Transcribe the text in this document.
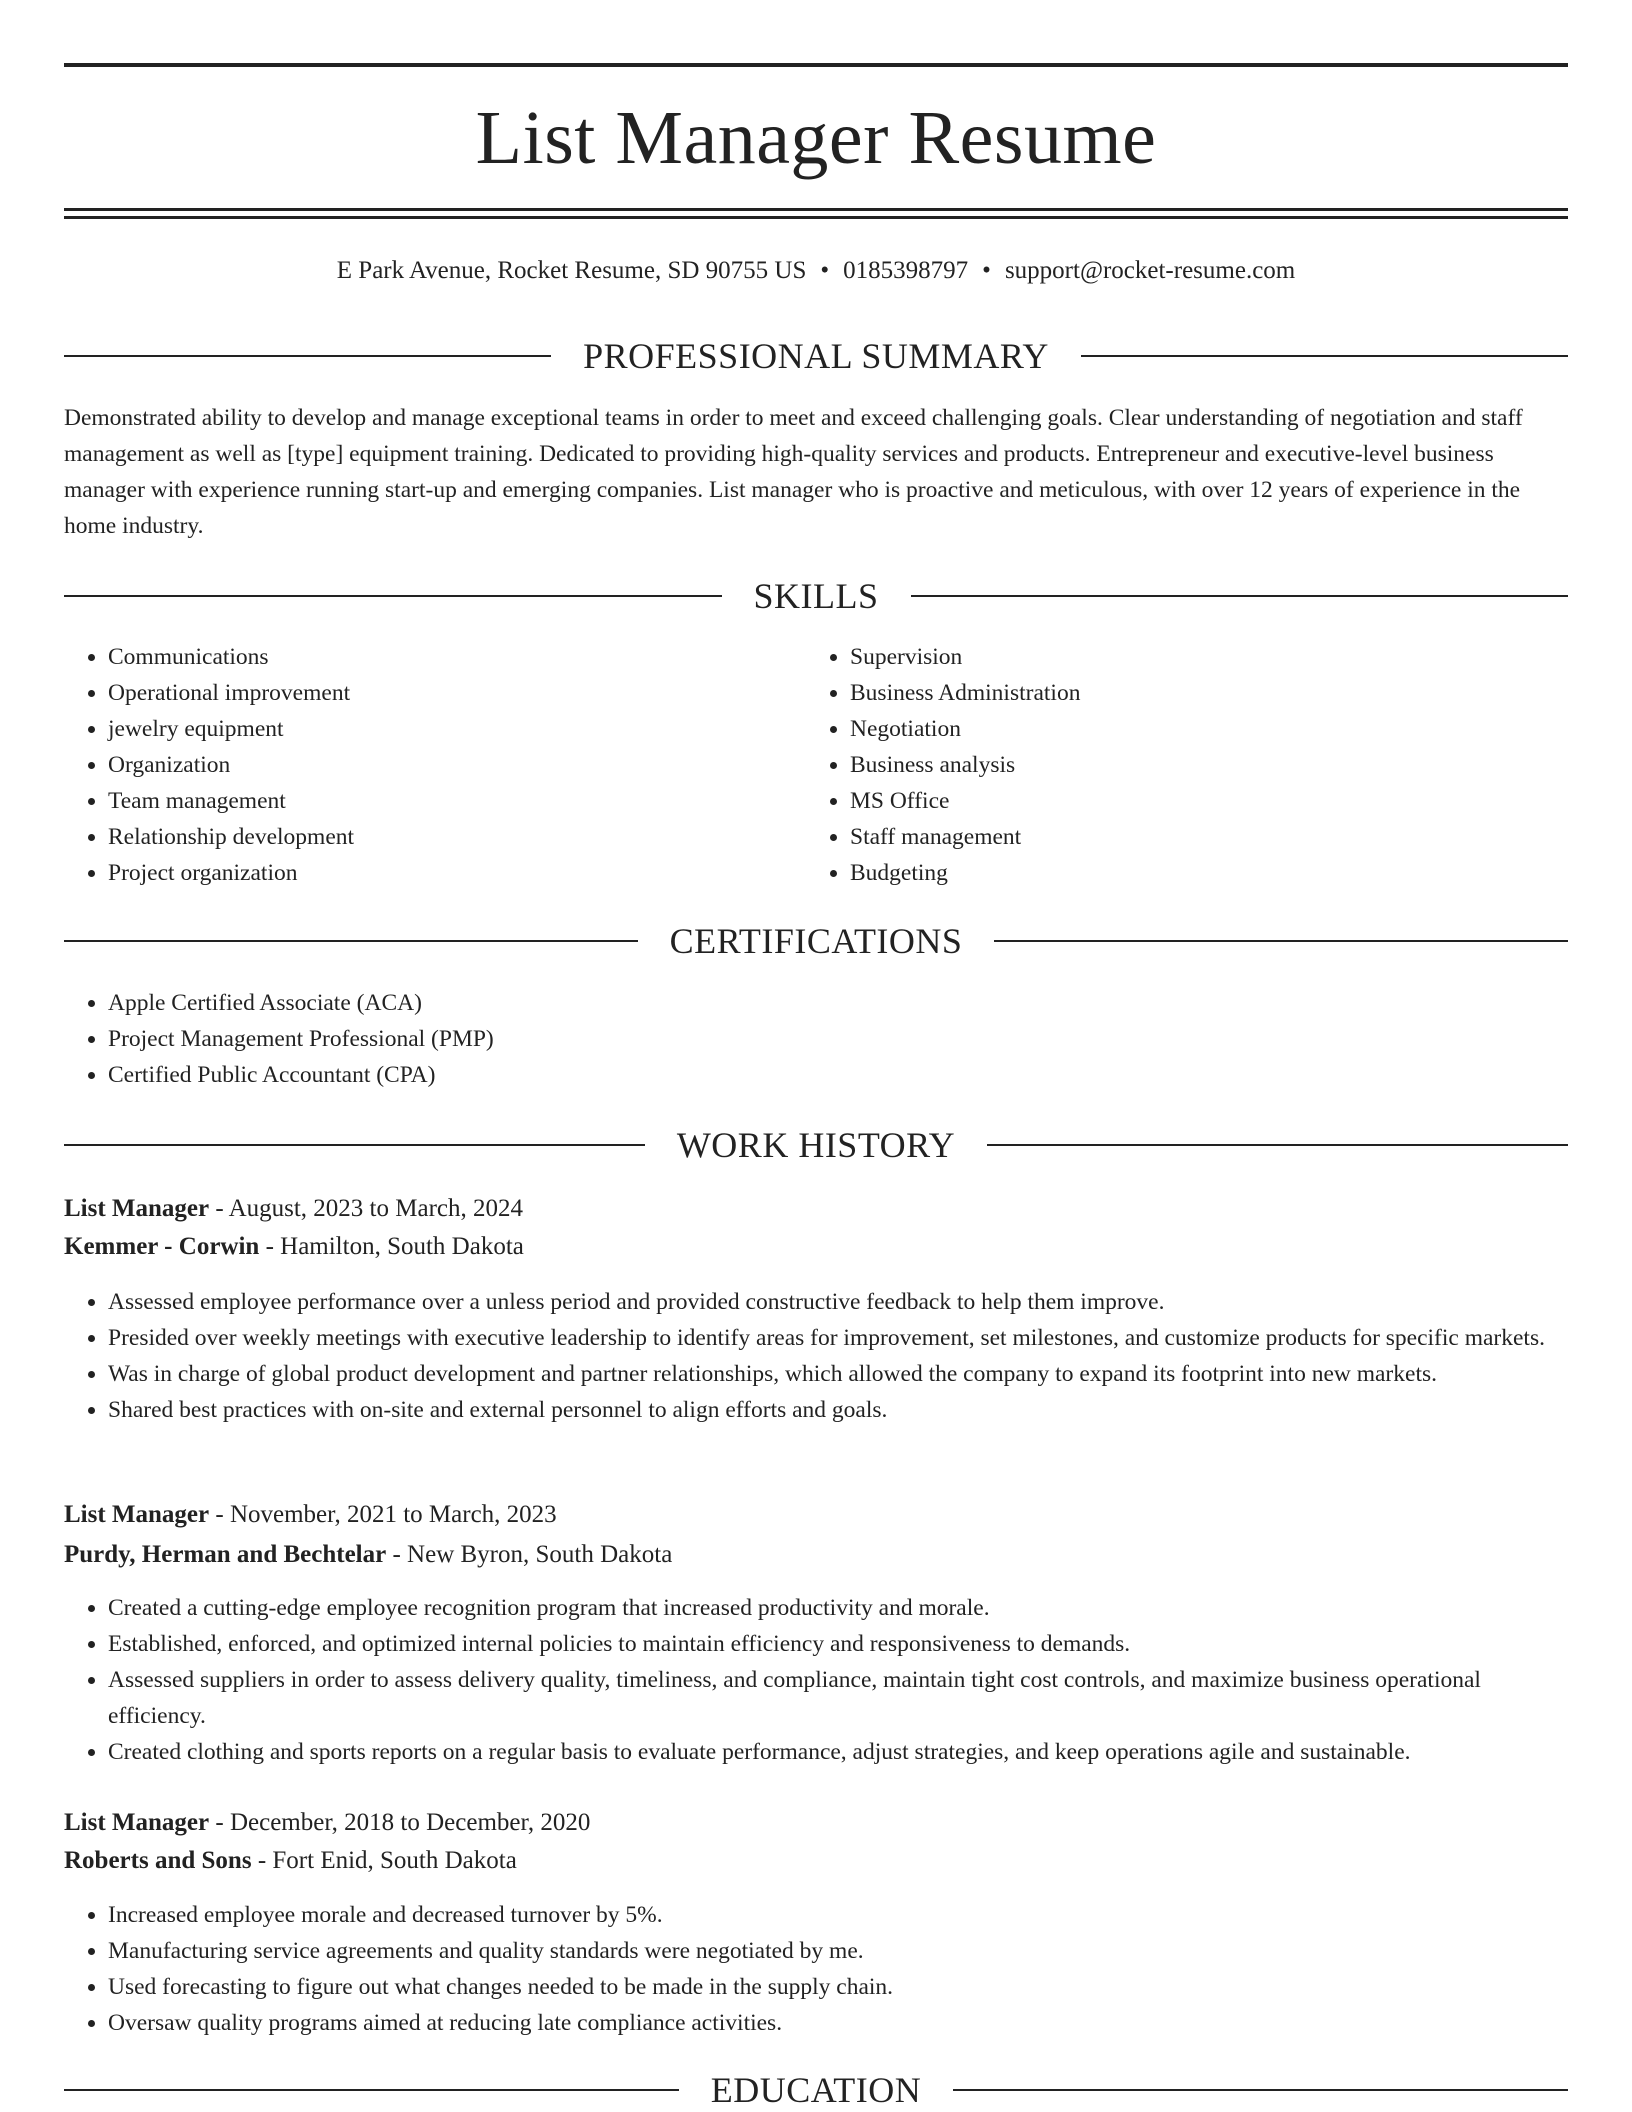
List Manager Resume
E Park Avenue, Rocket Resume, SD 90755 US • 0185398797 • support@rocket-resume.com
PROFESSIONAL SUMMARY

Demonstrated ability to develop and manage exceptional teams in order to meet and exceed challenging goals. Clear understanding of negotiation and staff management as well as [type] equipment training. Dedicated to providing high-quality services and products. Entrepreneur and executive-level business manager with experience running start-up and emerging companies. List manager who is proactive and meticulous, with over 12 years of experience in the home industry.

SKILLS
• Communications
• Operational improvement
• jewelry equipment
• Organization
• Team management
• Relationship development
• Project organization
• Supervision
• Business Administration
• Negotiation
• Business analysis
• MS Office
• Staff management
• Budgeting
CERTIFICATIONS
• Apple Certified Associate (ACA)
• Project Management Professional (PMP)
• Certified Public Accountant (CPA)
WORK HISTORY
List Manager - August, 2023 to March, 2024
Kemmer - Corwin - Hamilton, South Dakota
• Assessed employee performance over a unless period and provided constructive feedback to help them improve.
• Presided over weekly meetings with executive leadership to identify areas for improvement, set milestones, and customize products for specific markets.
• Was in charge of global product development and partner relationships, which allowed the company to expand its footprint into new markets.
• Shared best practices with on-site and external personnel to align efforts and goals.
List Manager - November, 2021 to March, 2023
Purdy, Herman and Bechtelar - New Byron, South Dakota
• Created a cutting-edge employee recognition program that increased productivity and morale.
• Established, enforced, and optimized internal policies to maintain efficiency and responsiveness to demands.
• Assessed suppliers in order to assess delivery quality, timeliness, and compliance, maintain tight cost controls, and maximize business operational efficiency.
• Created clothing and sports reports on a regular basis to evaluate performance, adjust strategies, and keep operations agile and sustainable.
List Manager - December, 2018 to December, 2020
Roberts and Sons - Fort Enid, South Dakota
• Increased employee morale and decreased turnover by 5%.
• Manufacturing service agreements and quality standards were negotiated by me.
• Used forecasting to figure out what changes needed to be made in the supply chain.
• Oversaw quality programs aimed at reducing late compliance activities.
EDUCATION
